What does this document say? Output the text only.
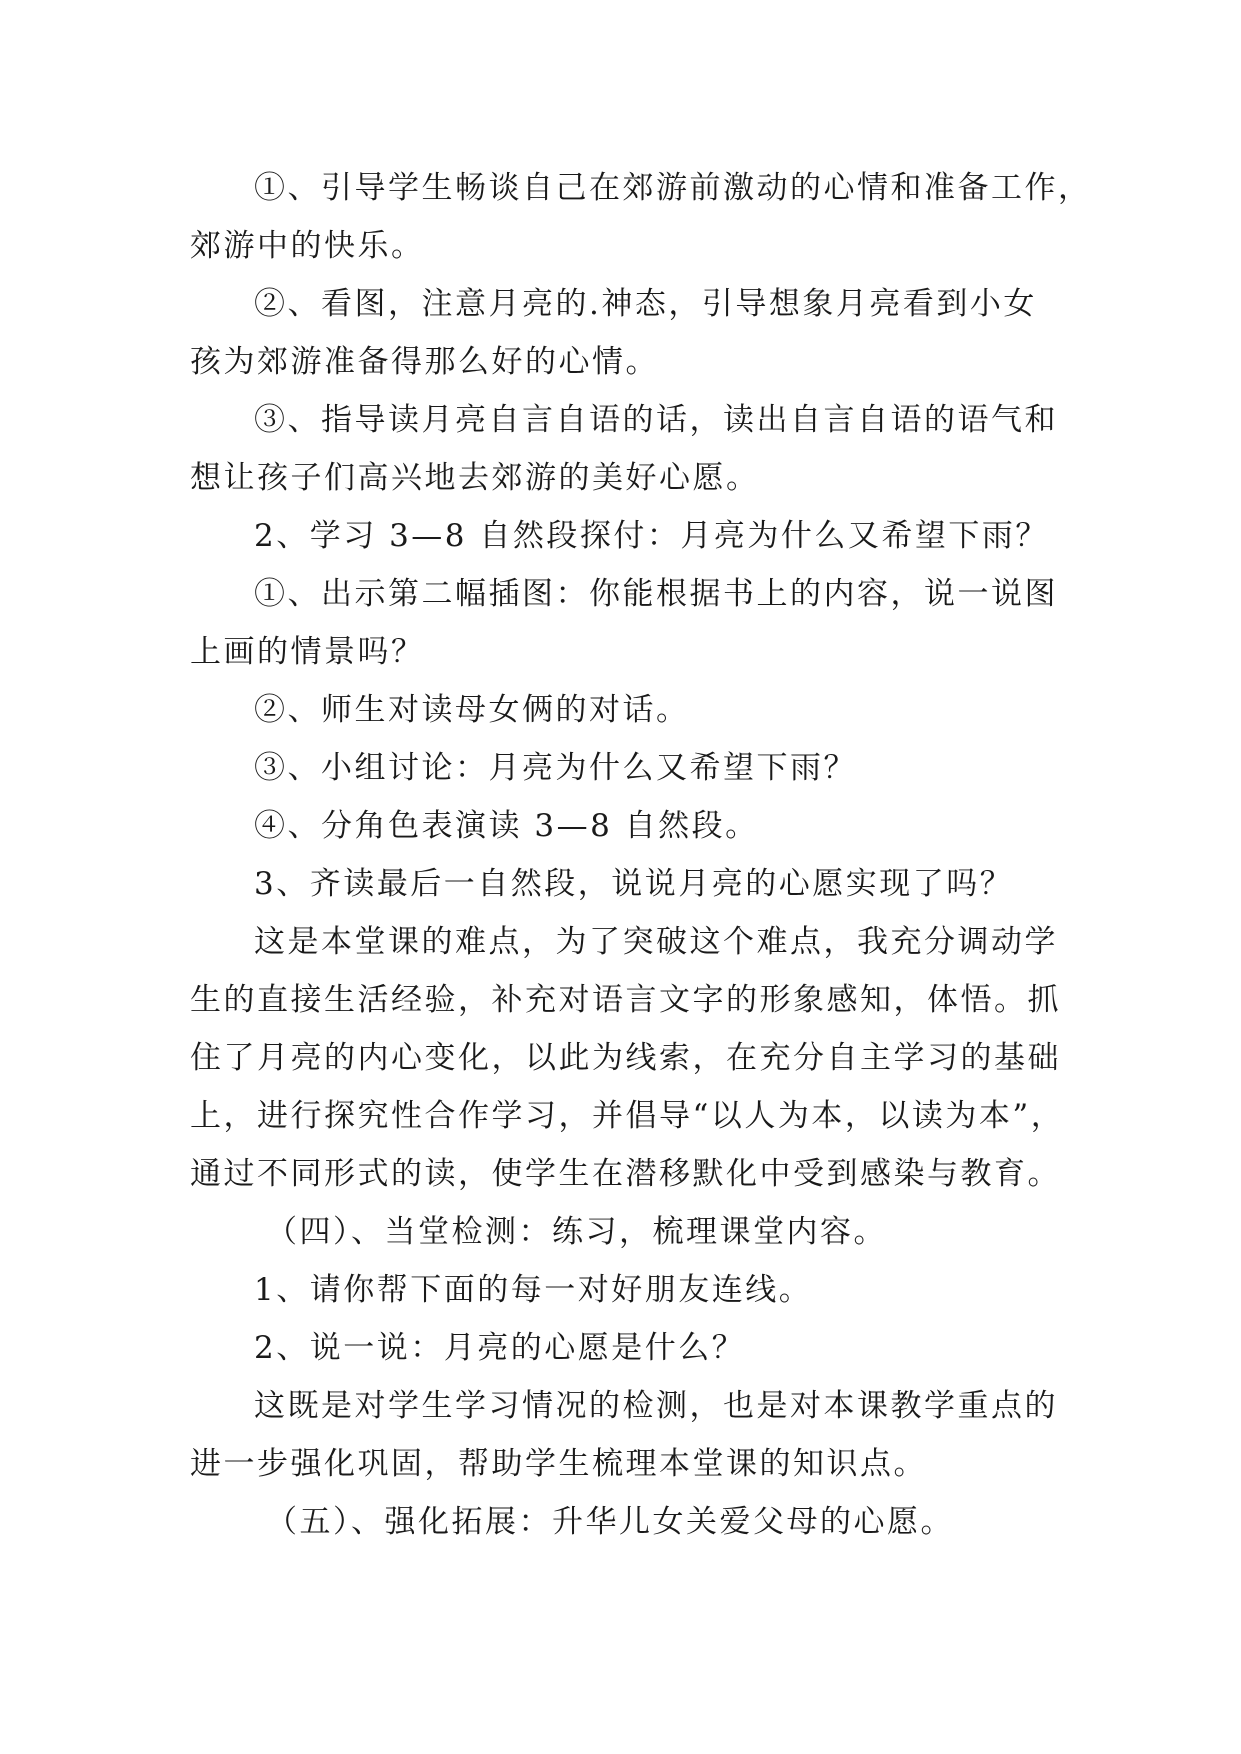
①、引导学生畅谈自己在郊游前激动的心情和准备工作，
郊游中的快乐。
②、看图，注意月亮的.神态，引导想象月亮看到小女
孩为郊游准备得那么好的心情。
③、指导读月亮自言自语的话，读出自言自语的语气和
想让孩子们高兴地去郊游的美好心愿。
2、学习 3—8 自然段探付：月亮为什么又希望下雨？
①、出示第二幅插图：你能根据书上的内容，说一说图
上画的情景吗？
②、师生对读母女俩的对话。
③、小组讨论：月亮为什么又希望下雨？
④、分角色表演读 3—8 自然段。
3、齐读最后一自然段，说说月亮的心愿实现了吗？
这是本堂课的难点，为了突破这个难点，我充分调动学
生的直接生活经验，补充对语言文字的形象感知，体悟。抓
住了月亮的内心变化，以此为线索，在充分自主学习的基础
上，进行探究性合作学习，并倡导“以人为本，以读为本”，
通过不同形式的读，使学生在潜移默化中受到感染与教育。
（四）、当堂检测：练习，梳理课堂内容。
1、请你帮下面的每一对好朋友连线。
2、说一说：月亮的心愿是什么？
这既是对学生学习情况的检测，也是对本课教学重点的
进一步强化巩固，帮助学生梳理本堂课的知识点。
（五）、强化拓展：升华儿女关爱父母的心愿。
